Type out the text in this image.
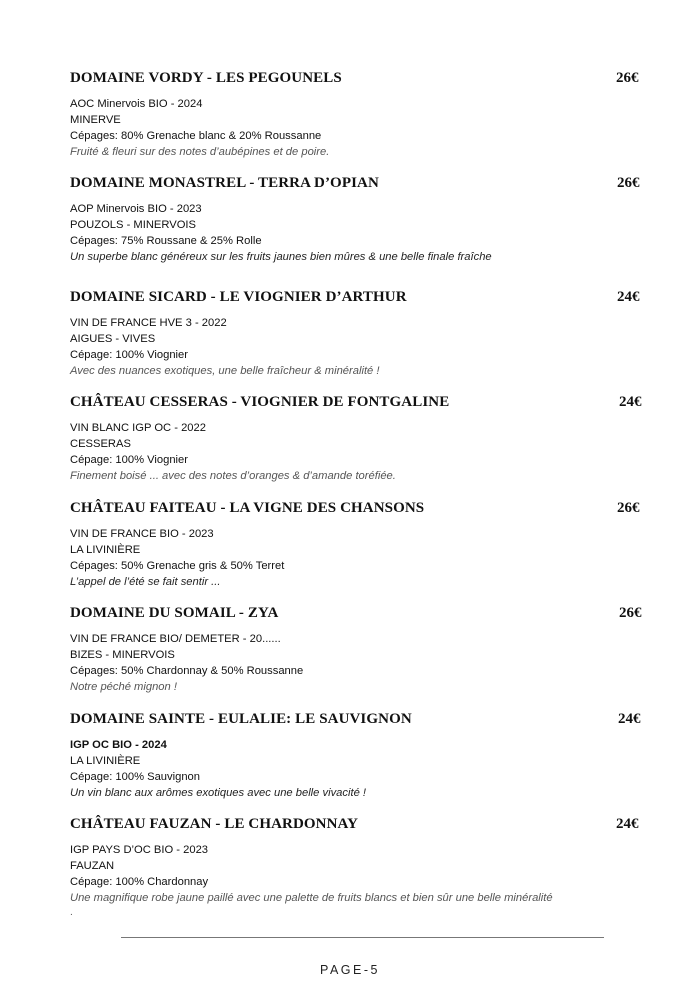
DOMAINE VORDY - LES PEGOUNELS	26€
AOC Minervois BIO - 2024
MINERVE
Cépages: 80% Grenache blanc & 20% Roussanne
Fruité & fleuri sur des notes d’aubépines et de poire.
DOMAINE MONASTREL - TERRA D’OPIAN	26€
AOP Minervois BIO - 2023
POUZOLS - MINERVOIS
Cépages: 75% Roussane & 25% Rolle
Un superbe blanc généreux sur les fruits jaunes bien mûres & une belle finale fraîche
DOMAINE SICARD - LE VIOGNIER D’ARTHUR	24€
VIN DE FRANCE HVE 3 - 2022
AIGUES - VIVES
Cépage: 100% Viognier
Avec des nuances exotiques, une belle fraîcheur & minéralité !
CHÂTEAU CESSERAS - VIOGNIER DE FONTGALINE	24€
VIN BLANC IGP OC - 2022
CESSERAS
Cépage: 100% Viognier
Finement boisé ... avec des notes d’oranges & d’amande toréfiée.
CHÂTEAU FAITEAU - LA VIGNE DES CHANSONS	26€
VIN DE FRANCE BIO - 2023
LA LIVINIÈRE
Cépages: 50% Grenache gris & 50% Terret
L’appel de l’été se fait sentir ...
DOMAINE DU SOMAIL - ZYA	26€
VIN DE FRANCE BIO/ DEMETER - 20......
BIZES - MINERVOIS
Cépages: 50% Chardonnay & 50% Roussanne
Notre péché mignon !
DOMAINE SAINTE - EULALIE: LE SAUVIGNON	24€
IGP OC BIO - 2024
LA LIVINIÈRE
Cépage: 100% Sauvignon
Un vin blanc aux arômes exotiques avec une belle vivacité !
CHÂTEAU FAUZAN - LE CHARDONNAY	24€
IGP PAYS D’OC BIO - 2023
FAUZAN
Cépage: 100% Chardonnay
Une magnifique robe jaune paillé avec une palette de fruits blancs et bien sûr une belle minéralité
.
PAGE-5
